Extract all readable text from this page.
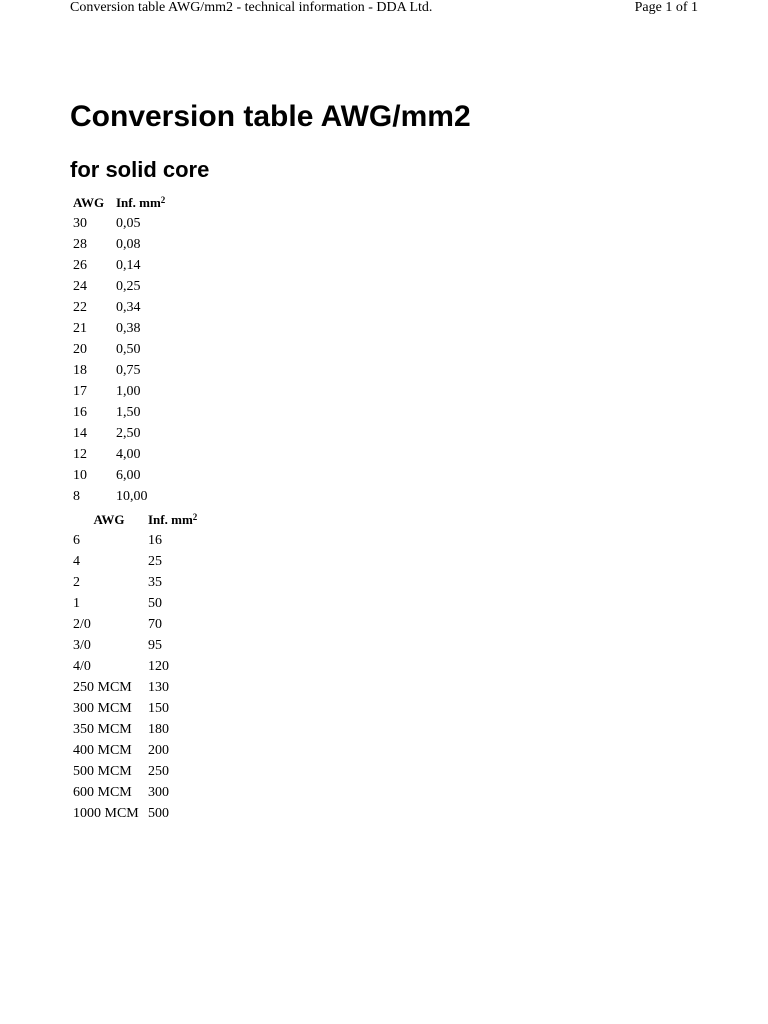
Conversion table AWG/mm2 - technical information - DDA Ltd.	Page 1 of 1
Conversion table AWG/mm2
for solid core
AWG	Inf. $mm^2$
30	0,05
28	0,08
26	0,14
24	0,25
22	0,34
21	0,38
20	0,50
18	0,75
17	1,00
16	1,50
14	2,50
12	4,00
10	6,00
8	10,00
AWG	Inf. $mm^2$
6	16
4	25
2	35
1	50
2/0	70
3/0	95
4/0	120
250 MCM	130
300 MCM	150
350 MCM	180
400 MCM	200
500 MCM	250
600 MCM	300
1000 MCM	500
